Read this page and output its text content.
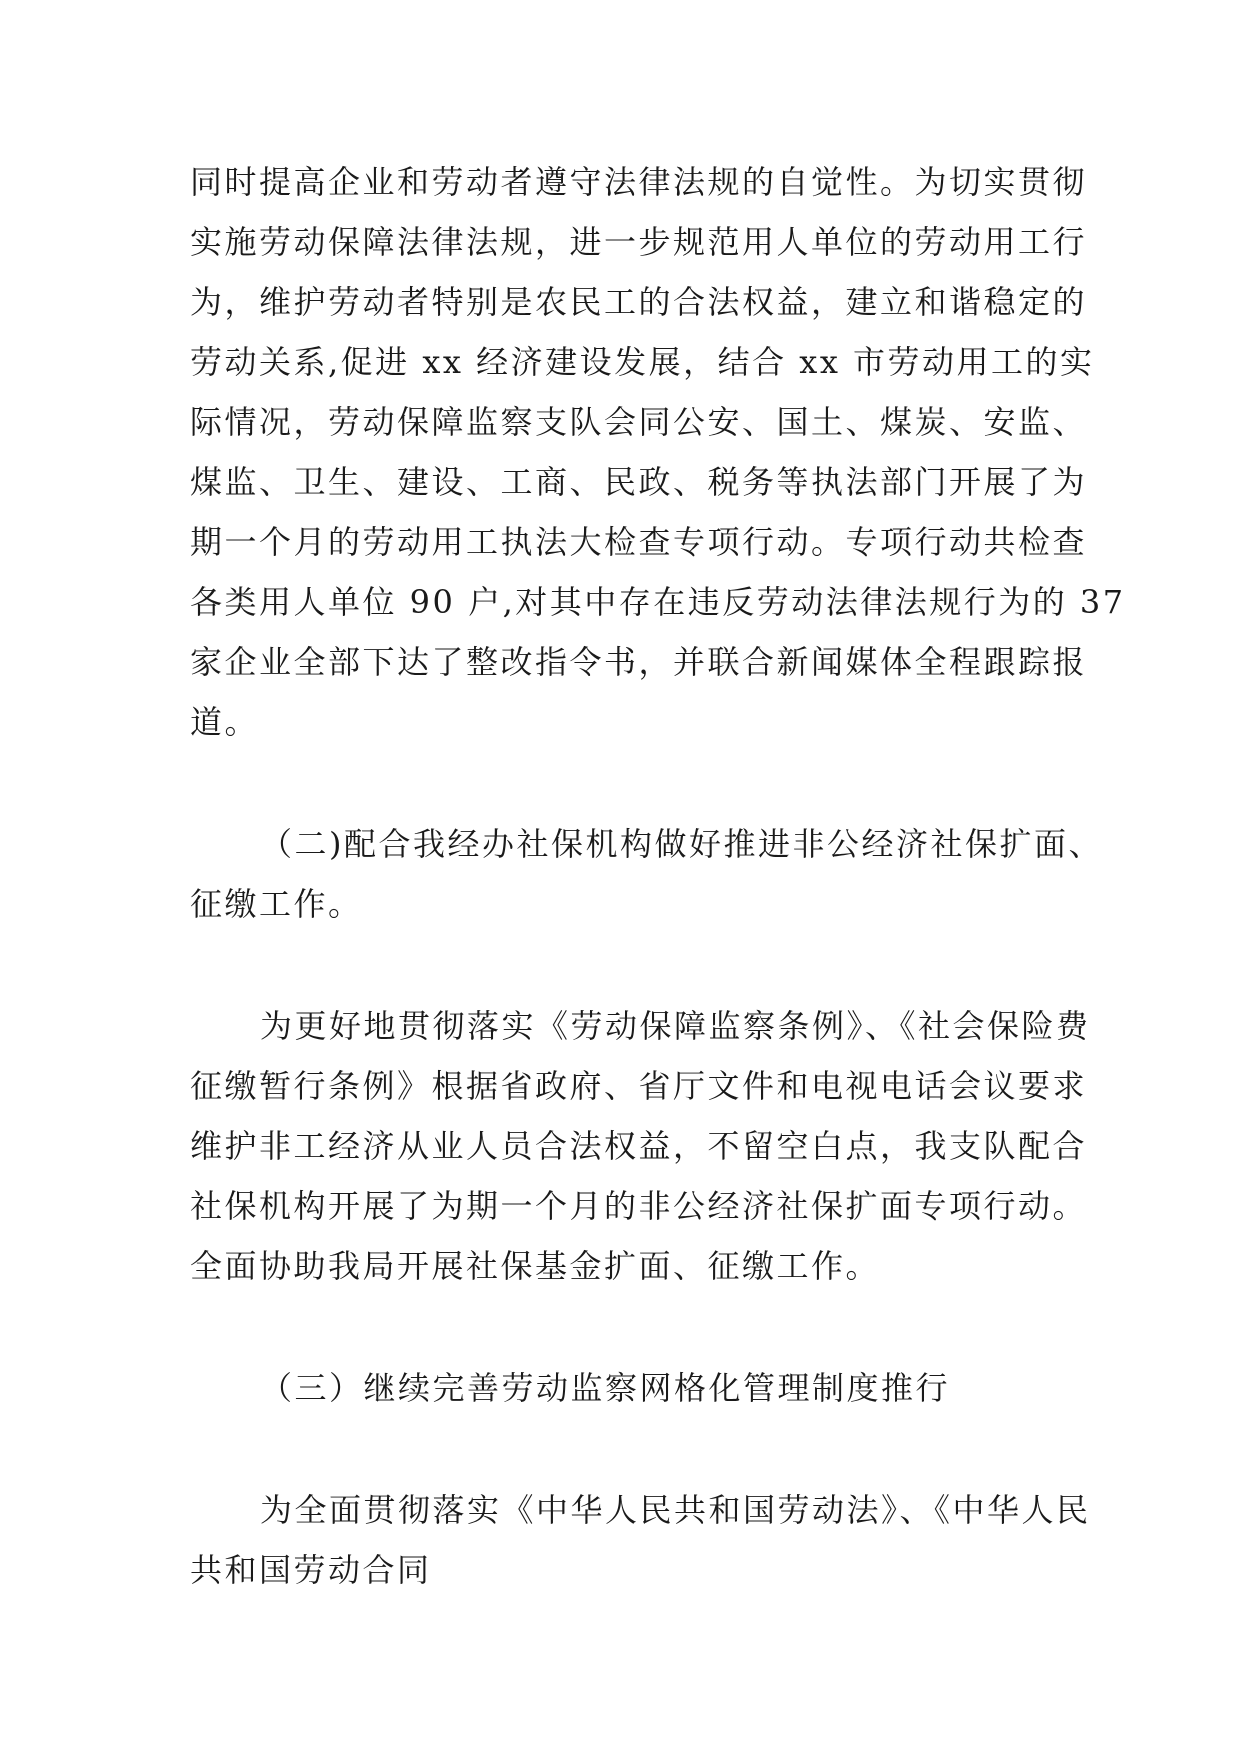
同时提高企业和劳动者遵守法律法规的自觉性。为切实贯彻
实施劳动保障法律法规，进一步规范用人单位的劳动用工行
为，维护劳动者特别是农民工的合法权益，建立和谐稳定的
劳动关系,促进 xx 经济建设发展，结合 xx 市劳动用工的实
际情况，劳动保障监察支队会同公安、国土、煤炭、安监、
煤监、卫生、建设、工商、民政、税务等执法部门开展了为
期一个月的劳动用工执法大检查专项行动。专项行动共检查
各类用人单位 90 户,对其中存在违反劳动法律法规行为的 37
家企业全部下达了整改指令书，并联合新闻媒体全程跟踪报
道。
（二)配合我经办社保机构做好推进非公经济社保扩面、
征缴工作。
为更好地贯彻落实《劳动保障监察条例》、《社会保险费
征缴暂行条例》根据省政府、省厅文件和电视电话会议要求
维护非工经济从业人员合法权益，不留空白点，我支队配合
社保机构开展了为期一个月的非公经济社保扩面专项行动。
全面协助我局开展社保基金扩面、征缴工作。
（三）继续完善劳动监察网格化管理制度推行
为全面贯彻落实《中华人民共和国劳动法》、《中华人民
共和国劳动合同
